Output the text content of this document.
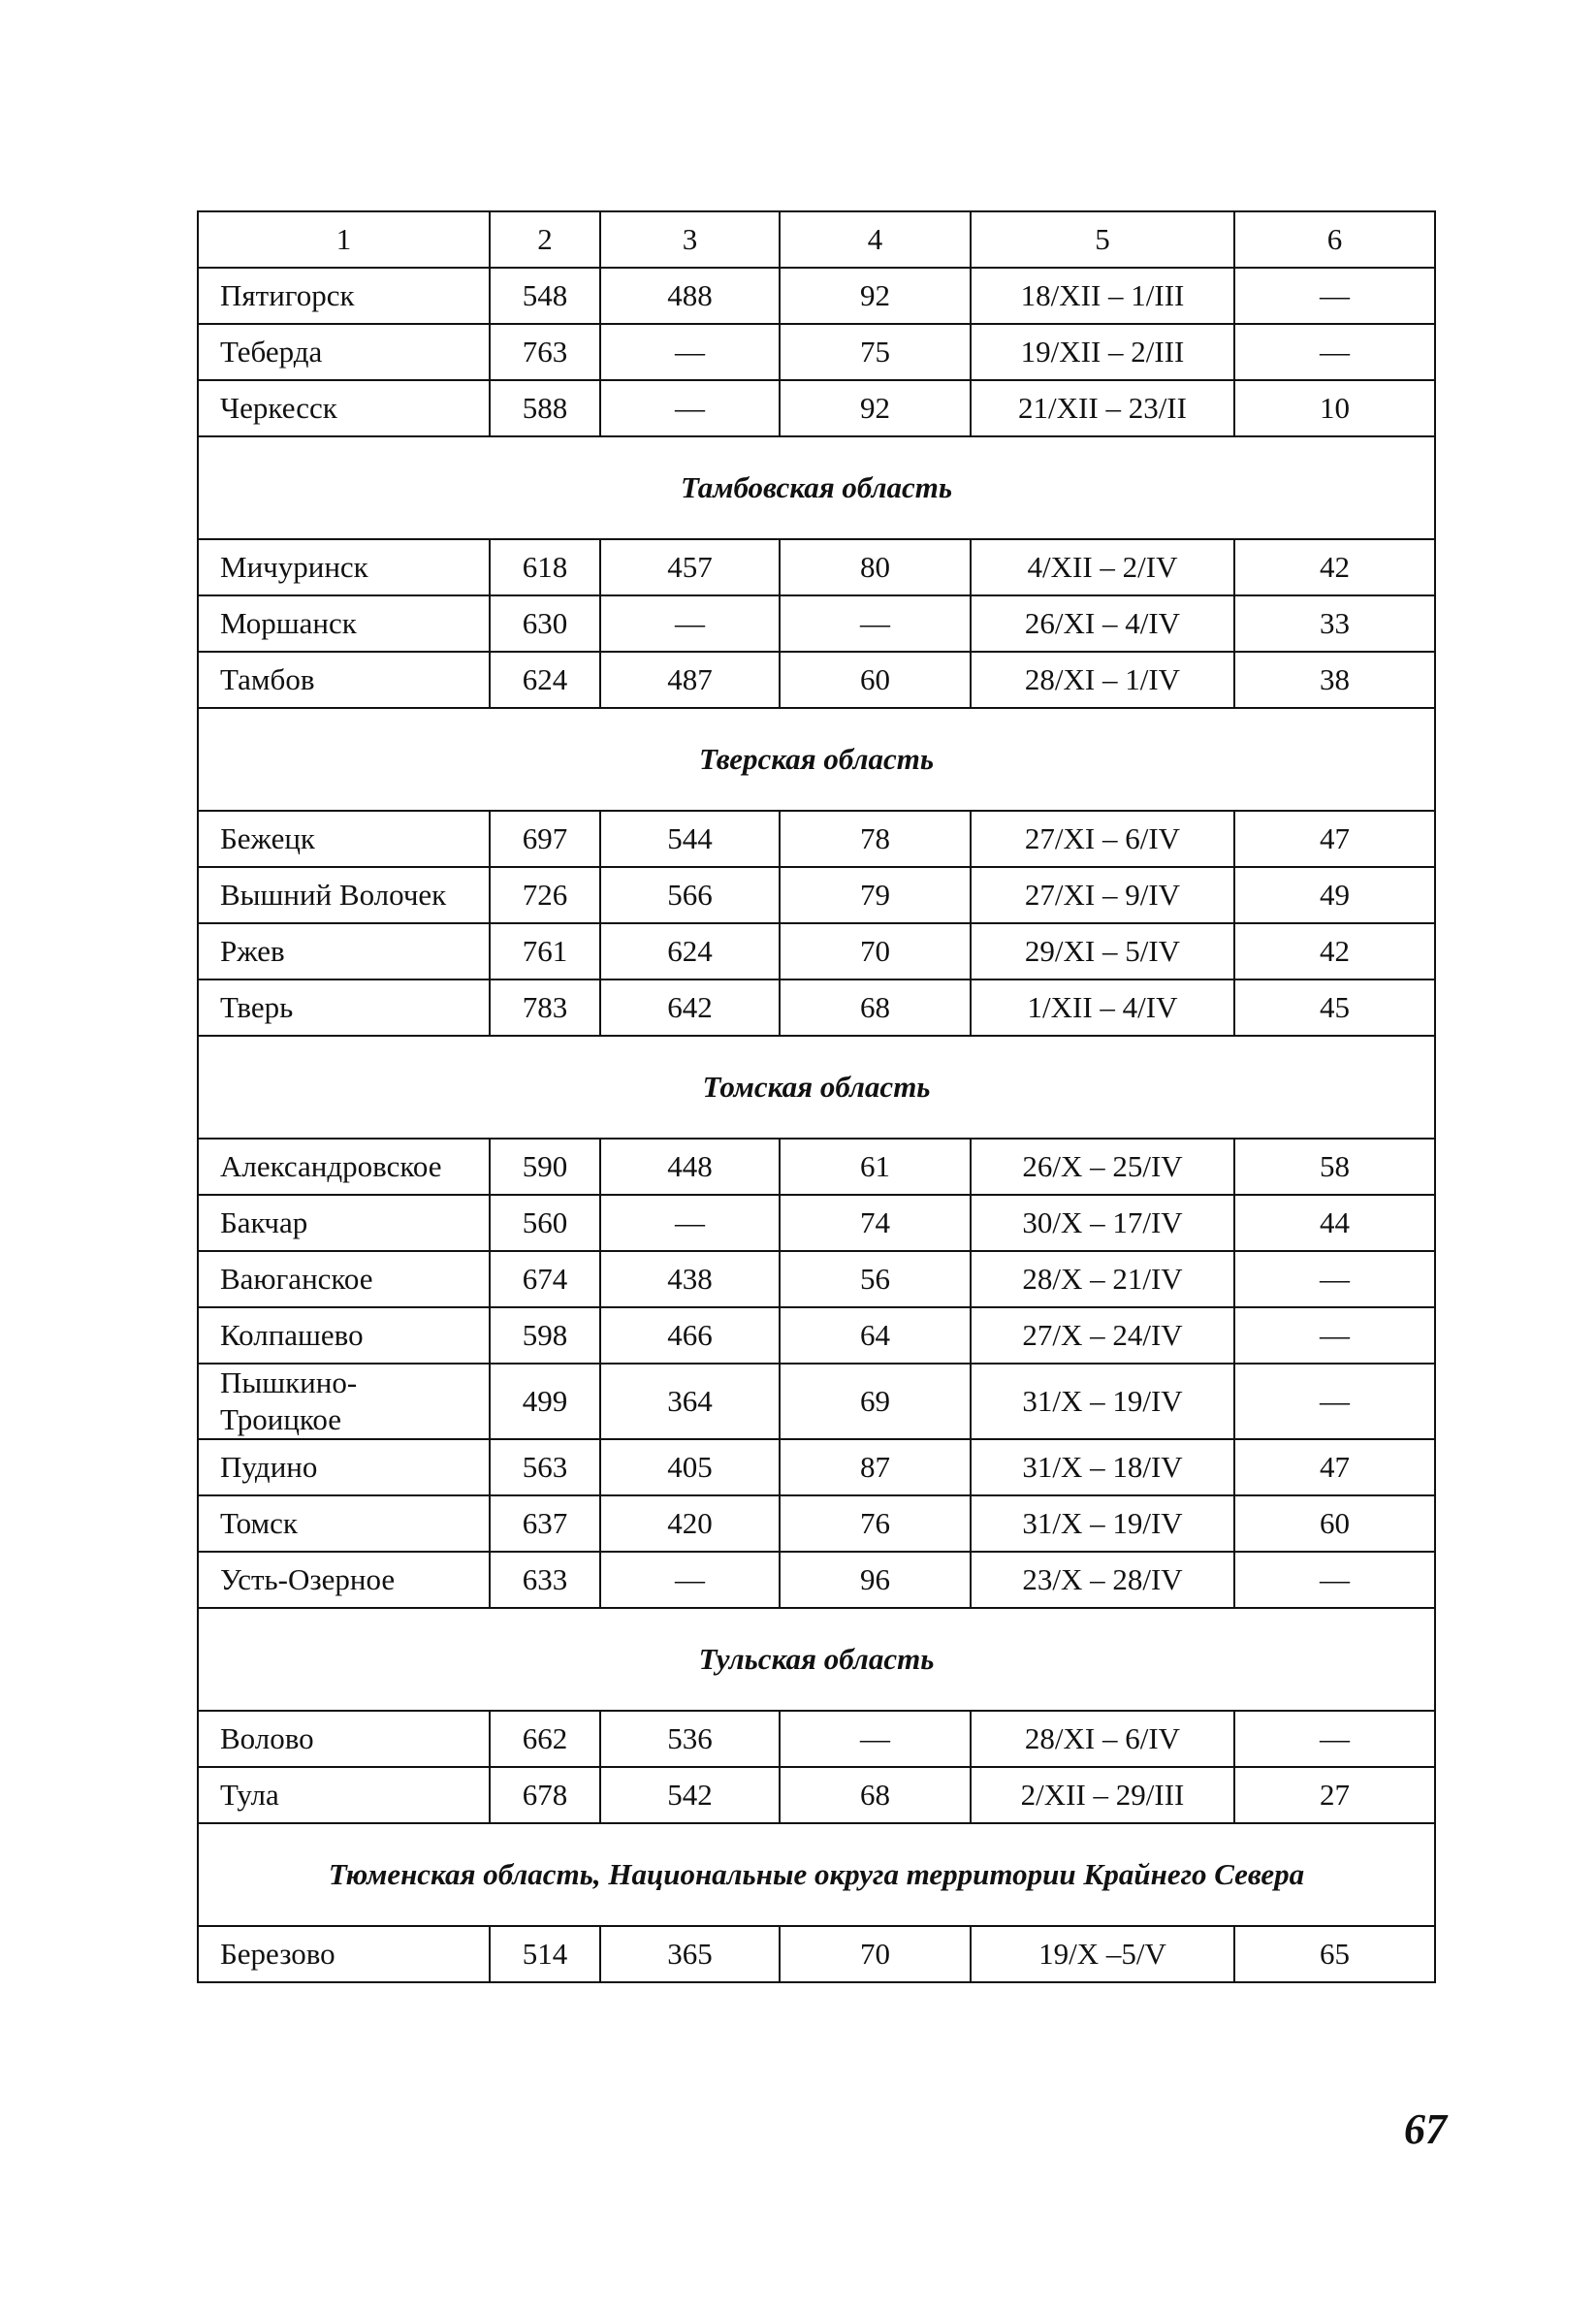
1	2	3	4	5	6
Пятигорск	548	488	92	18/XII – 1/III	—
Теберда	763	—	75	19/XII – 2/III	—
Черкесск	588	—	92	21/XII – 23/II	10
Тамбовская область					
Мичуринск	618	457	80	4/XII – 2/IV	42
Моршанск	630	—	—	26/XI – 4/IV	33
Тамбов	624	487	60	28/XI – 1/IV	38
Тверская область					
Бежецк	697	544	78	27/XI – 6/IV	47
Вышний Волочек	726	566	79	27/XI – 9/IV	49
Ржев	761	624	70	29/XI – 5/IV	42
Тверь	783	642	68	1/XII – 4/IV	45
Томская область					
Александровское	590	448	61	26/X – 25/IV	58
Бакчар	560	—	74	30/X – 17/IV	44
Ваюганское	674	438	56	28/X – 21/IV	—
Колпашево	598	466	64	27/X – 24/IV	—
Пышкино-
Троицкое	499	364	69	31/X – 19/IV	—
Пудино	563	405	87	31/X – 18/IV	47
Томск	637	420	76	31/X – 19/IV	60
Усть-Озерное	633	—	96	23/X – 28/IV	—
Тульская область					
Волово	662	536	—	28/XI – 6/IV	—
Тула	678	542	68	2/XII – 29/III	27
Тюменская область, Национальные округа территории Крайнего Севера					
Березово	514	365	70	19/X –5/V	65
67
